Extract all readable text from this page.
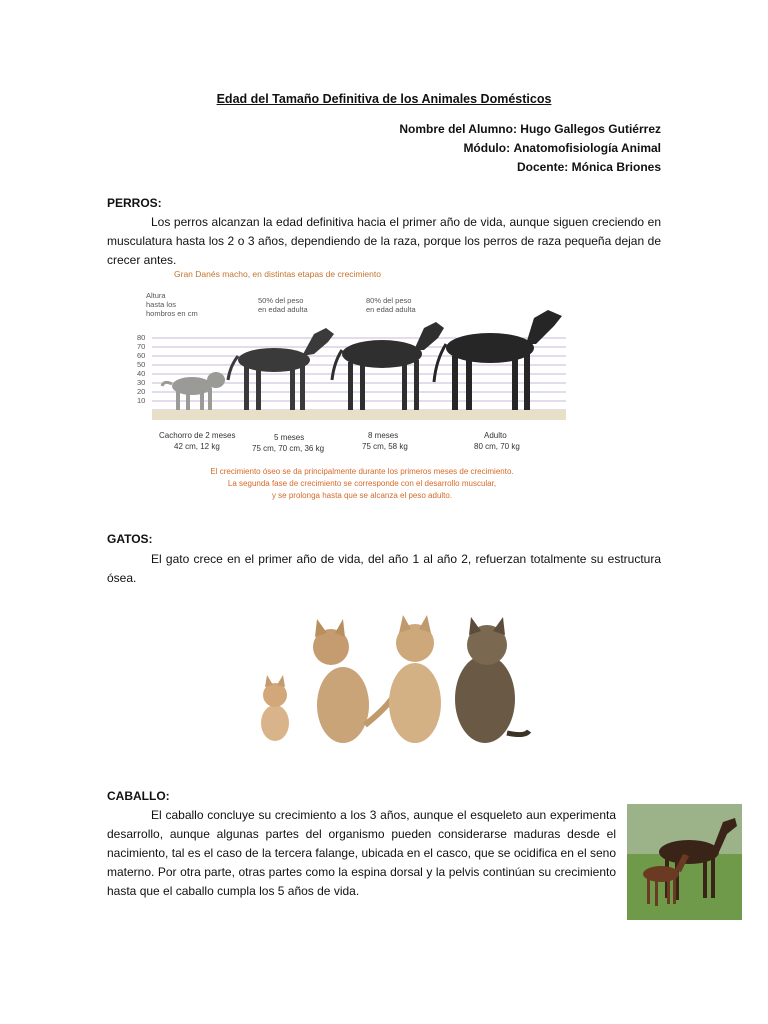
Edad del Tamaño Definitiva de los Animales Domésticos
Nombre del Alumno: Hugo Gallegos Gutiérrez
Módulo: Anatomofisiología Animal
Docente: Mónica Briones
PERROS:
Los perros alcanzan la edad definitiva hacia el primer año de vida, aunque siguen creciendo en musculatura hasta los 2 o 3 años, dependiendo de la raza, porque los perros de raza pequeña dejan de crecer antes.
Gran Danés macho, en distintas etapas de crecimiento
Altura
hasta los
hombros en cm
50% del peso
en edad adulta
80% del peso
en edad adulta
80
70
60
50
40
30
20
10
Cachorro de 2 meses
42 cm, 12 kg
5 meses
75 cm, 70 cm, 36 kg
8 meses
75 cm, 58 kg
Adulto
80 cm, 70 kg
El crecimiento óseo se da principalmente durante los primeros meses de crecimiento.
La segunda fase de crecimiento se corresponde con el desarrollo muscular,
y se prolonga hasta que se alcanza el peso adulto.
GATOS:
El gato crece en el primer año de vida, del año 1 al año 2, refuerzan totalmente su estructura ósea.
CABALLO:
El caballo concluye su crecimiento a los 3 años, aunque el esqueleto aun experimenta desarrollo, aunque algunas partes del organismo pueden considerarse maduras desde el nacimiento, tal es el caso de la tercera falange, ubicada en el casco, que se ocidifica en el seno materno. Por otra parte, otras partes como la espina dorsal y la pelvis continúan su crecimiento hasta que el caballo cumpla los 5 años de vida.
